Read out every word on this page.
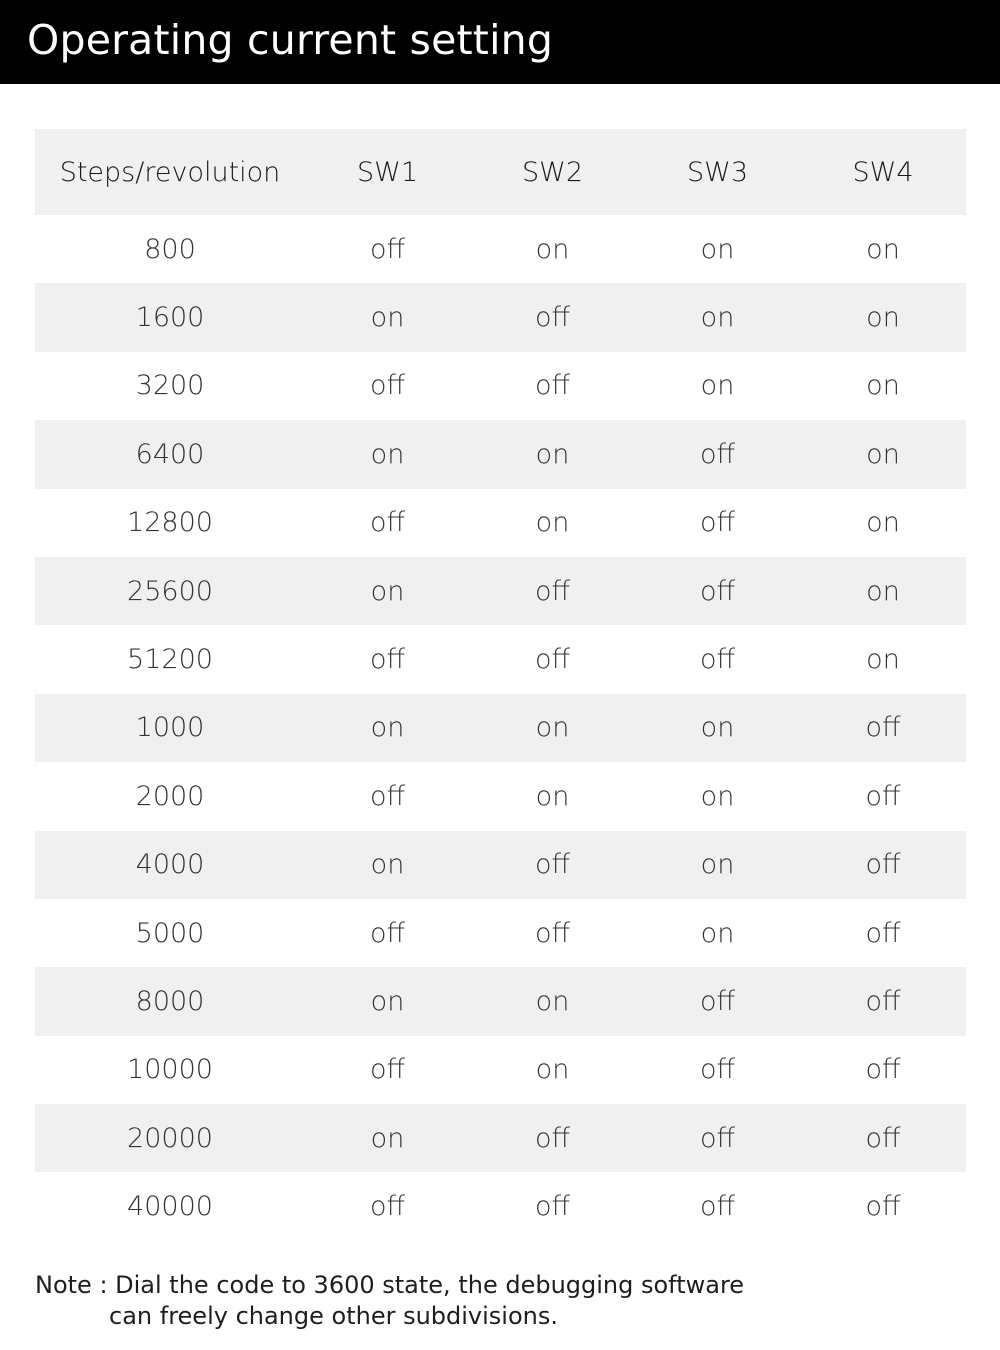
Operating current setting
Steps/revolution	SW1	SW2	SW3	SW4
800	off	on	on	on
1600	on	off	on	on
3200	off	off	on	on
6400	on	on	off	on
12800	off	on	off	on
25600	on	off	off	on
51200	off	off	off	on
1000	on	on	on	off
2000	off	on	on	off
4000	on	off	on	off
5000	off	off	on	off
8000	on	on	off	off
10000	off	on	off	off
20000	on	off	off	off
40000	off	off	off	off
Note : Dial the code to 3600 state, the debugging software
can freely change other subdivisions.
